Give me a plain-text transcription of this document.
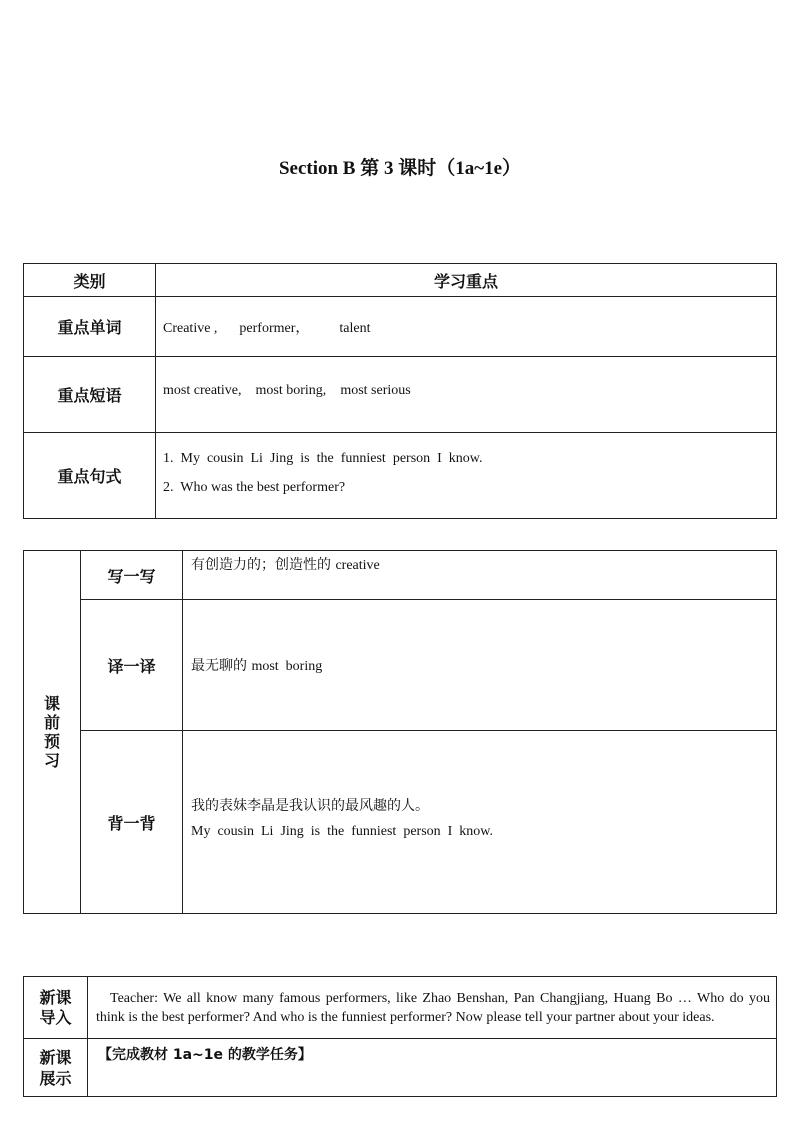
Section B 第 3 课时（1a~1e）
类别	学习重点
重点单词	Creative , performer， talent
重点短语	most creative, most boring, most serious
重点句式	1.  My  cousin  Li  Jing  is  the  funniest  person  I  know.
2.  Who was the best performer?
课
前
预
习	写一写	有创造力的；创造性的 creative
	译一译	最无聊的 most  boring
	背一背	我的表妹李晶是我认识的最风趣的人。
My  cousin  Li  Jing  is  the  funniest  person  I  know.
新课
导入	Teacher: We all know many famous performers, like Zhao Benshan, Pan Changjiang, Huang Bo … Who do you think is the best performer? And who is the funniest performer? Now please tell your partner about your ideas.

新课
展示	【完成教材 1a~1e 的教学任务】
